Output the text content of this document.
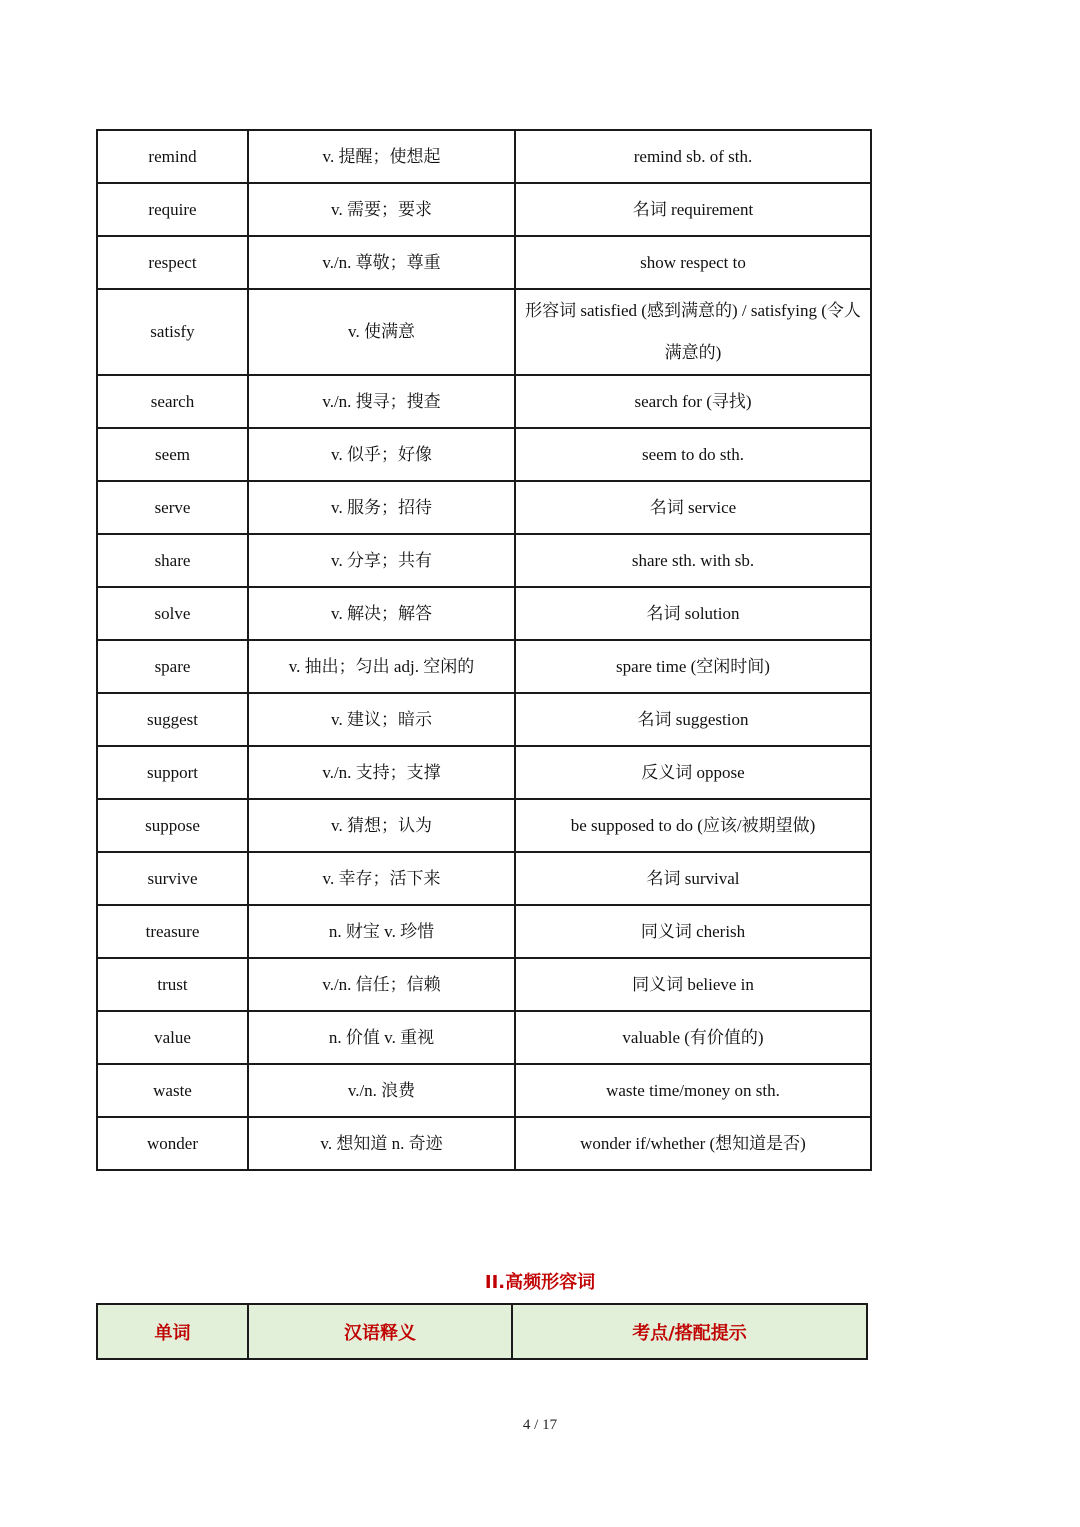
remind	v. 提醒；使想起	remind sb. of sth.
require	v. 需要；要求	名词 requirement
respect	v./n. 尊敬；尊重	show respect to
satisfy	v. 使满意	形容词 satisfied (感到满意的) / satisfying (令人满意的)
search	v./n. 搜寻；搜查	search for (寻找)
seem	v. 似乎；好像	seem to do sth.
serve	v. 服务；招待	名词 service
share	v. 分享；共有	share sth. with sb.
solve	v. 解决；解答	名词 solution
spare	v. 抽出；匀出 adj. 空闲的	spare time (空闲时间)
suggest	v. 建议；暗示	名词 suggestion
support	v./n. 支持；支撑	反义词 oppose
suppose	v. 猜想；认为	be supposed to do (应该/被期望做)
survive	v. 幸存；活下来	名词 survival
treasure	n. 财宝 v. 珍惜	同义词 cherish
trust	v./n. 信任；信赖	同义词 believe in
value	n. 价值 v. 重视	valuable (有价值的)
waste	v./n. 浪费	waste time/money on sth.
wonder	v. 想知道 n. 奇迹	wonder if/whether (想知道是否)
II.高频形容词
单词	汉语释义	考点/搭配提示
4 / 17
